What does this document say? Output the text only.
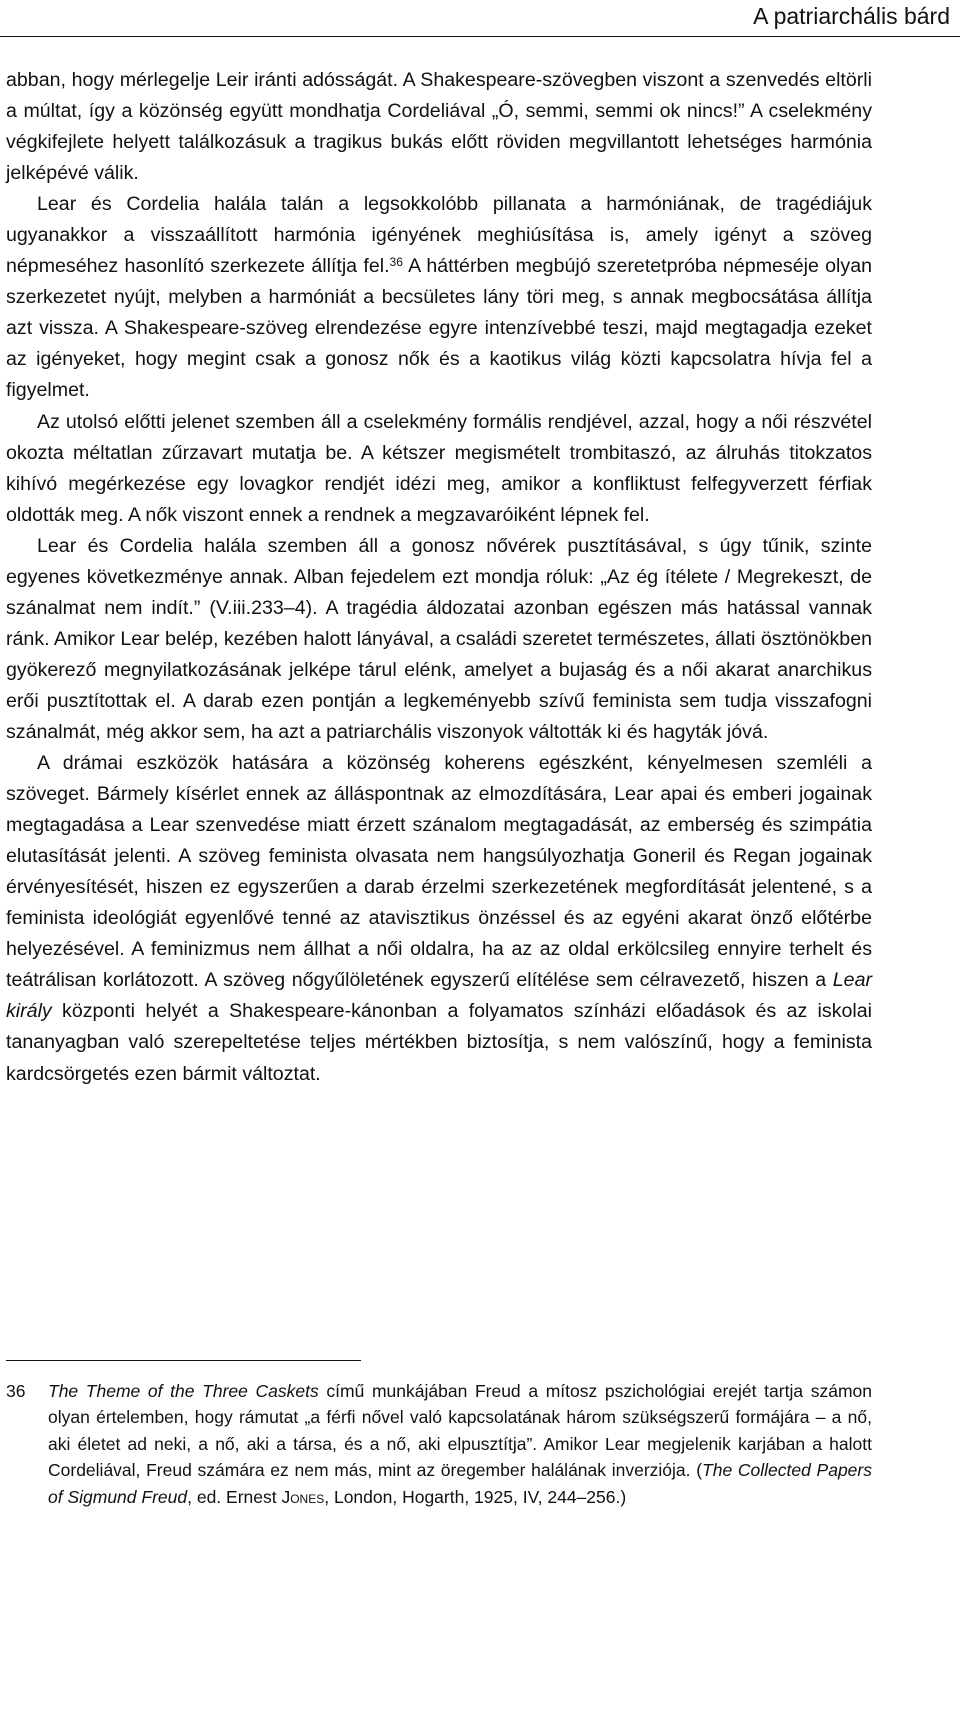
A patriarchális bárd

abban, hogy mérlegelje Leir iránti adósságát. A Shakespeare-szövegben viszont a szenvedés eltörli a múltat, így a közönség együtt mondhatja Cordeliával „Ó, semmi, semmi ok nincs!” A cselekmény végkifejlete helyett találkozásuk a tragikus bukás előtt röviden megvillantott lehetséges harmónia jelképévé válik.

Lear és Cordelia halála talán a legsokkolóbb pillanata a harmóniának, de tragédiájuk ugyanakkor a visszaállított harmónia igényének meghiúsítása is, amely igényt a szöveg népmeséhez hasonlító szerkezete állítja fel.$^{36}$ A háttérben megbújó szeretetpróba népmeséje olyan szerkezetet nyújt, melyben a harmóniát a becsületes lány töri meg, s annak megbocsátása állítja azt vissza. A Shakespeare-szöveg elrendezése egyre intenzívebbé teszi, majd megtagadja ezeket az igényeket, hogy megint csak a gonosz nők és a kaotikus világ közti kapcsolatra hívja fel a figyelmet.

Az utolsó előtti jelenet szemben áll a cselekmény formális rendjével, azzal, hogy a női részvétel okozta méltatlan zűrzavart mutatja be. A kétszer megismételt trombitaszó, az álruhás titokzatos kihívó megérkezése egy lovagkor rendjét idézi meg, amikor a konfliktust felfegyverzett férfiak oldották meg. A nők viszont ennek a rendnek a megzavaróiként lépnek fel.

Lear és Cordelia halála szemben áll a gonosz nővérek pusztításával, s úgy tűnik, szinte egyenes következménye annak. Alban fejedelem ezt mondja róluk: „Az ég ítélete / Megrekeszt, de szánalmat nem indít.” (V.iii.233–4). A tragédia áldozatai azonban egészen más hatással vannak ránk. Amikor Lear belép, kezében halott lányával, a családi szeretet természetes, állati ösztönökben gyökerező megnyilatkozásának jelképe tárul elénk, amelyet a bujaság és a női akarat anarchikus erői pusztítottak el. A darab ezen pontján a legkeményebb szívű feminista sem tudja visszafogni szánalmát, még akkor sem, ha azt a patriarchális viszonyok váltották ki és hagyták jóvá.

A drámai eszközök hatására a közönség koherens egészként, kényelmesen szemléli a szöveget. Bármely kísérlet ennek az álláspontnak az elmozdítására, Lear apai és emberi jogainak megtagadása a Lear szenvedése miatt érzett szánalom megtagadását, az emberség és szimpátia elutasítását jelenti. A szöveg feminista olvasata nem hangsúlyozhatja Goneril és Regan jogainak érvényesítését, hiszen ez egyszerűen a darab érzelmi szerkezetének megfordítását jelentené, s a feminista ideológiát egyenlővé tenné az atavisztikus önzéssel és az egyéni akarat önző előtérbe helyezésével. A feminizmus nem állhat a női oldalra, ha az az oldal erkölcsileg ennyire terhelt és teátrálisan korlátozott. A szöveg nőgyűlöletének egyszerű elítélése sem célravezető, hiszen a Lear király központi helyét a Shakespeare-kánonban a folyamatos színházi előadások és az iskolai tananyagban való szerepeltetése teljes mértékben biztosítja, s nem valószínű, hogy a feminista kardcsörgetés ezen bármit változtat.

36 The Theme of the Three Caskets című munkájában Freud a mítosz pszichológiai erejét tartja számon olyan értelemben, hogy rámutat „a férfi nővel való kapcsolatának három szükségszerű formájára – a nő, aki életet ad neki, a nő, aki a társa, és a nő, aki elpusztítja”. Amikor Lear megjelenik karjában a halott Cordeliával, Freud számára ez nem más, mint az öregember halálának inverziója. (The Collected Papers of Sigmund Freud, ed. Ernest Jones, London, Hogarth, 1925, IV, 244–256.)
